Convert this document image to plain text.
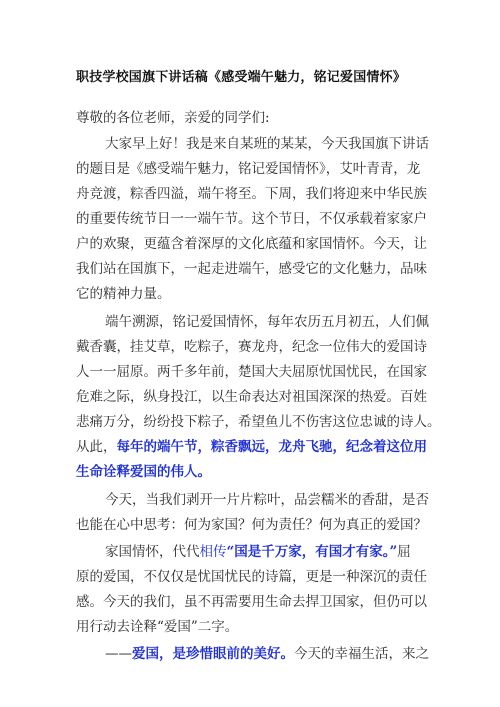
职技学校国旗下讲话稿《感受端午魅力，铭记爱国情怀》
尊敬的各位老师，亲爱的同学们:
大家早上好！我是来自某班的某某，今天我国旗下讲话
的题目是《感受端午魅力，铭记爱国情怀》，艾叶青青，龙
舟竞渡，粽香四溢，端午将至。下周，我们将迎来中华民族
的重要传统节日一一端午节。这个节日，不仅承载着家家户
户的欢聚，更蕴含着深厚的文化底蕴和家国情怀。今天，让
我们站在国旗下，一起走进端午，感受它的文化魅力，品味
它的精神力量。
端午溯源，铭记爱国情怀，每年农历五月初五，人们佩
戴香囊，挂艾草，吃粽子，赛龙舟，纪念一位伟大的爱国诗
人一一屈原。两千多年前，楚国大夫屈原忧国忧民，在国家
危难之际，纵身投江，以生命表达对祖国深深的热爱。百姓
悲痛万分，纷纷投下粽子，希望鱼儿不伤害这位忠诚的诗人。
从此，每年的端午节，粽香飘远，龙舟飞驰，纪念着这位用
生命诠释爱国的伟人。
今天，当我们剥开一片片粽叶，品尝糯米的香甜，是否
也能在心中思考：何为家国？何为责任？何为真正的爱国？
家国情怀，代代相传“国是千万家，有国才有家。”屈
原的爱国，不仅仅是忧国忧民的诗篇，更是一种深沉的责任
感。今天的我们，虽不再需要用生命去捍卫国家，但仍可以
用行动去诠释“爱国”二字。
——爱国，是珍惜眼前的美好。今天的幸福生活，来之
